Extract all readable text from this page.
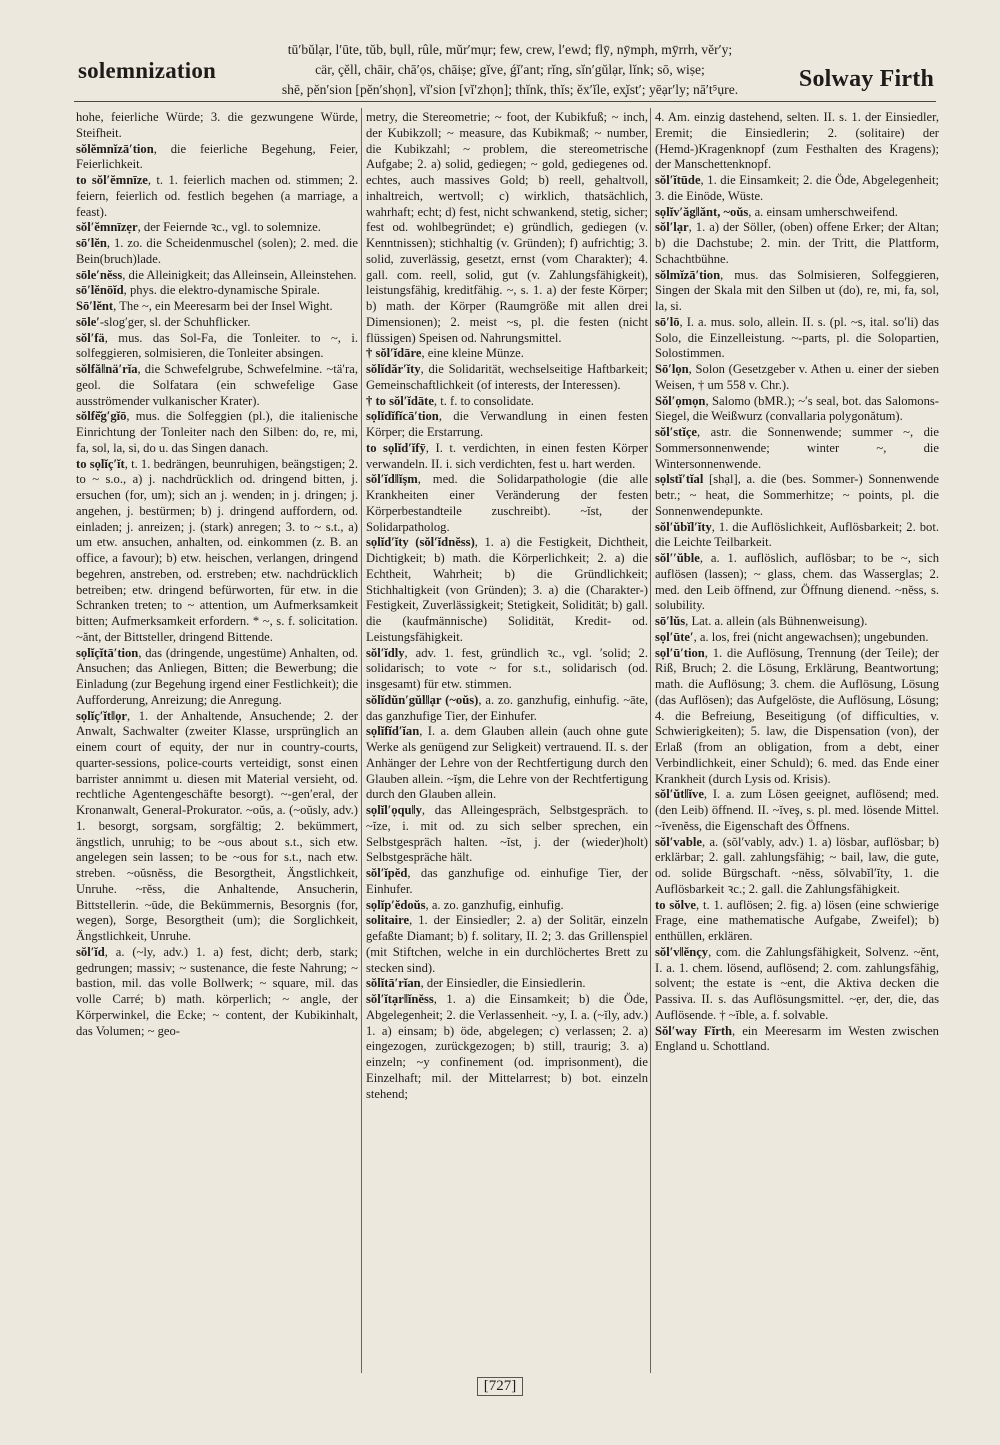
solemnization
tū′bŭlạr, l′ūte, tŭb, bụll, rûle, mŭr′mụr; few, crew, l′ewd; flȳ, nȳmph, mȳrrh, vĕr′y;
cär, çĕll, chāir, chā′ọs, chāiṣe; gĭve, ǵĭ′ant; rĭng, sĭn′gŭlạr, lĭnk; sō, wiṣe;
shē, pĕn′sion [pĕn′shọn], vĭ′sion [vĭ′zhọn]; thĭnk, thĭs; ĕx′ĭle, ex̧ĭst′; yēạr′ly; nā′t⁵ụre.	Solway Firth

hohe, feierliche Würde; 3. die gezwungene Würde, Steifheit.

sŏlĕmnĭzā′tion, die feierliche Begehung, Feier, Feierlichkeit.

to sŏl′ĕmnīze, t. 1. feierlich machen od. stimmen; 2. feiern, feierlich od. festlich begehen (a marriage, a feast).

sŏl′ĕmnīzẹr, der Feiernde ꝛc., vgl. to solemnize.

sō′lĕn, 1. zo. die Scheidenmuschel (solen); 2. med. die Bein(bruch)lade.

sōle′nĕss, die Alleinigkeit; das Alleinsein, Alleinstehen.

sō′lĕnōĭd, phys. die elektro-dynamische Spirale.

Sō′lĕnt, The ~, ein Meeresarm bei der Insel Wight.

sōle′-slog′ger, sl. der Schuhflicker.

sŏl′fä, mus. das Sol-Fa, die Tonleiter. to ~, i. solfeggieren, solmisieren, die Tonleiter absingen.

sŏlfă‖nä′rĭa, die Schwefelgrube, Schwefelmine. ~tä′ra, geol. die Solfatara (ein schwefelige Gase ausströmender vulkanischer Krater).

sŏlfĕ̆g′gĭō, mus. die Solfeggien (pl.), die italienische Einrichtung der Tonleiter nach den Silben: do, re, mi, fa, sol, la, si, do u. das Singen danach.

to sọlĭç′ĭt, t. 1. bedrängen, beunruhigen, beängstigen; 2. to ~ s.o., a) j. nachdrücklich od. dringend bitten, j. ersuchen (for, um); sich an j. wenden; in j. dringen; j. angehen, j. bestürmen; b) j. dringend auffordern, od. einladen; j. anreizen; j. (stark) anregen; 3. to ~ s.t., a) um etw. ansuchen, anhalten, od. einkommen (z. B. an office, a favour); b) etw. heischen, verlangen, dringend begehren, anstreben, od. erstreben; etw. nachdrücklich betreiben; etw. dringend befürworten, für etw. in die Schranken treten; to ~ attention, um Aufmerksamkeit bitten; Aufmerksamkeit erfordern. * ~, s. f. solicitation. ~ănt, der Bittsteller, dringend Bittende.

sọlĭçĭtā′tion, das (dringende, ungestüme) Anhalten, od. Ansuchen; das Anliegen, Bitten; die Bewerbung; die Einladung (zur Begehung irgend einer Festlichkeit); die Aufforderung, Anreizung; die Anregung.

sọlĭç′ĭt‖ọr, 1. der Anhaltende, Ansuchende; 2. der Anwalt, Sachwalter (zweiter Klasse, ursprünglich an einem court of equity, der nur in country-courts, quarter-sessions, police-courts verteidigt, sonst einen barrister annimmt u. diesen mit Material versieht, od. rechtliche Agentengeschäfte besorgt). ~-gen′eral, der Kronanwalt, General-Prokurator. ~oŭs, a. (~oŭsly, adv.) 1. besorgt, sorgsam, sorgfältig; 2. bekümmert, ängstlich, unruhig; to be ~ous about s.t., sich etw. angelegen sein lassen; to be ~ous for s.t., nach etw. streben. ~oŭsnĕss, die Besorgtheit, Ängstlichkeit, Unruhe. ~rĕss, die Anhaltende, Ansucherin, Bittstellerin. ~ūde, die Bekümmernis, Besorgnis (for, wegen), Sorge, Besorgtheit (um); die Sorglichkeit, Ängstlichkeit, Unruhe.

sŏl′ĭd, a. (~ly, adv.) 1. a) fest, dicht; derb, stark; gedrungen; massiv; ~ sustenance, die feste Nahrung; ~ bastion, mil. das volle Bollwerk; ~ square, mil. das volle Carré; b) math. körperlich; ~ angle, der Körperwinkel, die Ecke; ~ content, der Kubikinhalt, das Volumen; ~ geo-

metry, die Stereometrie; ~ foot, der Kubikfuß; ~ inch, der Kubikzoll; ~ measure, das Kubikmaß; ~ number, die Kubikzahl; ~ problem, die stereometrische Aufgabe; 2. a) solid, gediegen; ~ gold, gediegenes od. echtes, auch massives Gold; b) reell, gehaltvoll, inhaltreich, wertvoll; c) wirklich, thatsächlich, wahrhaft; echt; d) fest, nicht schwankend, stetig, sicher; fest od. wohlbegründet; e) gründlich, gediegen (v. Kenntnissen); stichhaltig (v. Gründen); f) aufrichtig; 3. solid, zuverlässig, gesetzt, ernst (vom Charakter); 4. gall. com. reell, solid, gut (v. Zahlungsfähigkeit), leistungsfähig, kreditfähig. ~, s. 1. a) der feste Körper; b) math. der Körper (Raumgröße mit allen drei Dimensionen); 2. meist ~s, pl. die festen (nicht flüssigen) Speisen od. Nahrungsmittel.

† sŏl′ĭdāre, eine kleine Münze.

sŏlĭdăr′ĭty, die Solidarität, wechselseitige Haftbarkeit; Gemeinschaftlichkeit (of interests, der Interessen).

† to sŏl′ĭdāte, t. f. to consolidate.

sọlĭdĭfĭcā′tion, die Verwandlung in einen festen Körper; die Erstarrung.

to sọlĭd′ĭfȳ, I. t. verdichten, in einen festen Körper verwandeln. II. i. sich verdichten, fest u. hart werden.

sŏl′ĭd‖ĭşm, med. die Solidarpathologie (die alle Krankheiten einer Veränderung der festen Körperbestandteile zuschreibt). ~ĭst, der Solidarpatholog.

sọlĭd′ĭty (sŏl′ĭdnĕss), 1. a) die Festigkeit, Dichtheit, Dichtigkeit; b) math. die Körperlichkeit; 2. a) die Echtheit, Wahrheit; b) die Gründlichkeit; Stichhaltigkeit (von Gründen); 3. a) die (Charakter-) Festigkeit, Zuverlässigkeit; Stetigkeit, Solidität; b) gall. die (kaufmännische) Solidität, Kredit- od. Leistungsfähigkeit.

sŏl′ĭdly, adv. 1. fest, gründlich ꝛc., vgl. ′solid; 2. solidarisch; to vote ~ for s.t., solidarisch (od. insgesamt) für etw. stimmen.

sŏlĭdŭn′gŭl‖ạr (~oŭs), a. zo. ganzhufig, einhufig. ~āte, das ganzhufige Tier, der Einhufer.

sọlĭfĭd′ĭan, I. a. dem Glauben allein (auch ohne gute Werke als genügend zur Seligkeit) vertrauend. II. s. der Anhänger der Lehre von der Rechtfertigung durch den Glauben allein. ~ĭşm, die Lehre von der Rechtfertigung durch den Glauben allein.

sọlĭl′ọqu‖y, das Alleingespräch, Selbstgespräch. to ~ĭze, i. mit od. zu sich selber sprechen, ein Selbstgespräch halten. ~ĭst, j. der (wieder)holt) Selbstgespräche hält.

sŏl′ĭpĕd, das ganzhufige od. einhufige Tier, der Einhufer.

sọlĭp′ĕdoŭs, a. zo. ganzhufig, einhufig.

solitaire, 1. der Einsiedler; 2. a) der Solitär, einzeln gefaßte Diamant; b) f. solitary, II. 2; 3. das Grillenspiel (mit Stiftchen, welche in ein durchlöchertes Brett zu stecken sind).

sŏlĭtā′rĭan, der Einsiedler, die Einsiedlerin.

sŏl′ĭtạr‖ĭnĕss, 1. a) die Einsamkeit; b) die Öde, Abgelegenheit; 2. die Verlassenheit. ~y, I. a. (~ĭly, adv.) 1. a) einsam; b) öde, abgelegen; c) verlassen; 2. a) eingezogen, zurückgezogen; b) still, traurig; 3. a) einzeln; ~y confinement (od. imprisonment), die Einzelhaft; mil. der Mittelarrest; b) bot. einzeln stehend;

4. Am. einzig dastehend, selten. II. s. 1. der Einsiedler, Eremit; die Einsiedlerin; 2. (solitaire) der (Hemd-)Kragenknopf (zum Festhalten des Kragens); der Manschettenknopf.

sŏl′ĭtūde, 1. die Einsamkeit; 2. die Öde, Abgelegenheit; 3. die Einöde, Wüste.

sọlĭv′ăg‖ănt, ~oŭs, a. einsam umherschweifend.

sŏl′lạr, 1. a) der Söller, (oben) offene Erker; der Altan; b) die Dachstube; 2. min. der Tritt, die Plattform, Schachtbühne.

sŏlmĭzā′tion, mus. das Solmisieren, Solfeggieren, Singen der Skala mit den Silben ut (do), re, mi, fa, sol, la, si.

sō′lō, I. a. mus. solo, allein. II. s. (pl. ~s, ital. so′li) das Solo, die Einzelleistung. ~-parts, pl. die Solopartien, Solostimmen.

Sō′lọn, Solon (Gesetzgeber v. Athen u. einer der sieben Weisen, † um 558 v. Chr.).

Sŏl′ọmọn, Salomo (bMR.); ~′s seal, bot. das Salomons-Siegel, die Weißwurz (convallaria polygonătum).

sŏl′stĭçe, astr. die Sonnenwende; summer ~, die Sommersonnenwende; winter ~, die Wintersonnenwende.

sọlstĭ′tĭal [shạl], a. die (bes. Sommer-) Sonnenwende betr.; ~ heat, die Sommerhitze; ~ points, pl. die Sonnenwendepunkte.

sŏl′ŭbĭl′ĭty, 1. die Auflöslichkeit, Auflösbarkeit; 2. bot. die Leichte Teilbarkeit.

sŏl′′ŭble, a. 1. auflöslich, auflösbar; to be ~, sich auflösen (lassen); ~ glass, chem. das Wasserglas; 2. med. den Leib öffnend, zur Öffnung dienend. ~nĕss, s. solubility.

sō′lŭs, Lat. a. allein (als Bühnenweisung).

sọl′ūte′, a. los, frei (nicht angewachsen); ungebunden.

sọl′ū′tion, 1. die Auflösung, Trennung (der Teile); der Riß, Bruch; 2. die Lösung, Erklärung, Beantwortung; math. die Auflösung; 3. chem. die Auflösung, Lösung (das Auflösen); das Aufgelöste, die Auflösung, Lösung; 4. die Befreiung, Beseitigung (of difficulties, v. Schwierigkeiten); 5. law, die Dispensation (von), der Erlaß (from an obligation, from a debt, einer Verbindlichkeit, einer Schuld); 6. med. das Ende einer Krankheit (durch Lysis od. Krisis).

sŏl′ŭt‖ĭve, I. a. zum Lösen geeignet, auflösend; med. (den Leib) öffnend. II. ~ĭveş, s. pl. med. lösende Mittel. ~ĭvenĕss, die Eigenschaft des Öffnens.

sŏl′vable, a. (sŏl′vably, adv.) 1. a) lösbar, auflösbar; b) erklärbar; 2. gall. zahlungsfähig; ~ bail, law, die gute, od. solide Bürgschaft. ~nĕss, sŏlvabĭl′ĭty, 1. die Auflösbarkeit ꝛc.; 2. gall. die Zahlungsfähigkeit.

to sŏlve, t. 1. auflösen; 2. fig. a) lösen (eine schwierige Frage, eine mathematische Aufgabe, Zweifel); b) enthüllen, erklären.

sŏl′v‖ĕnçy, com. die Zahlungsfähigkeit, Solvenz. ~ĕnt, I. a. 1. chem. lösend, auflösend; 2. com. zahlungsfähig, solvent; the estate is ~ent, die Aktiva decken die Passiva. II. s. das Auflösungsmittel. ~ẹr, der, die, das Auflösende. † ~ĭble, a. f. solvable.

Sŏl′way Fĭrth, ein Meeresarm im Westen zwischen England u. Schottland.

[727]
